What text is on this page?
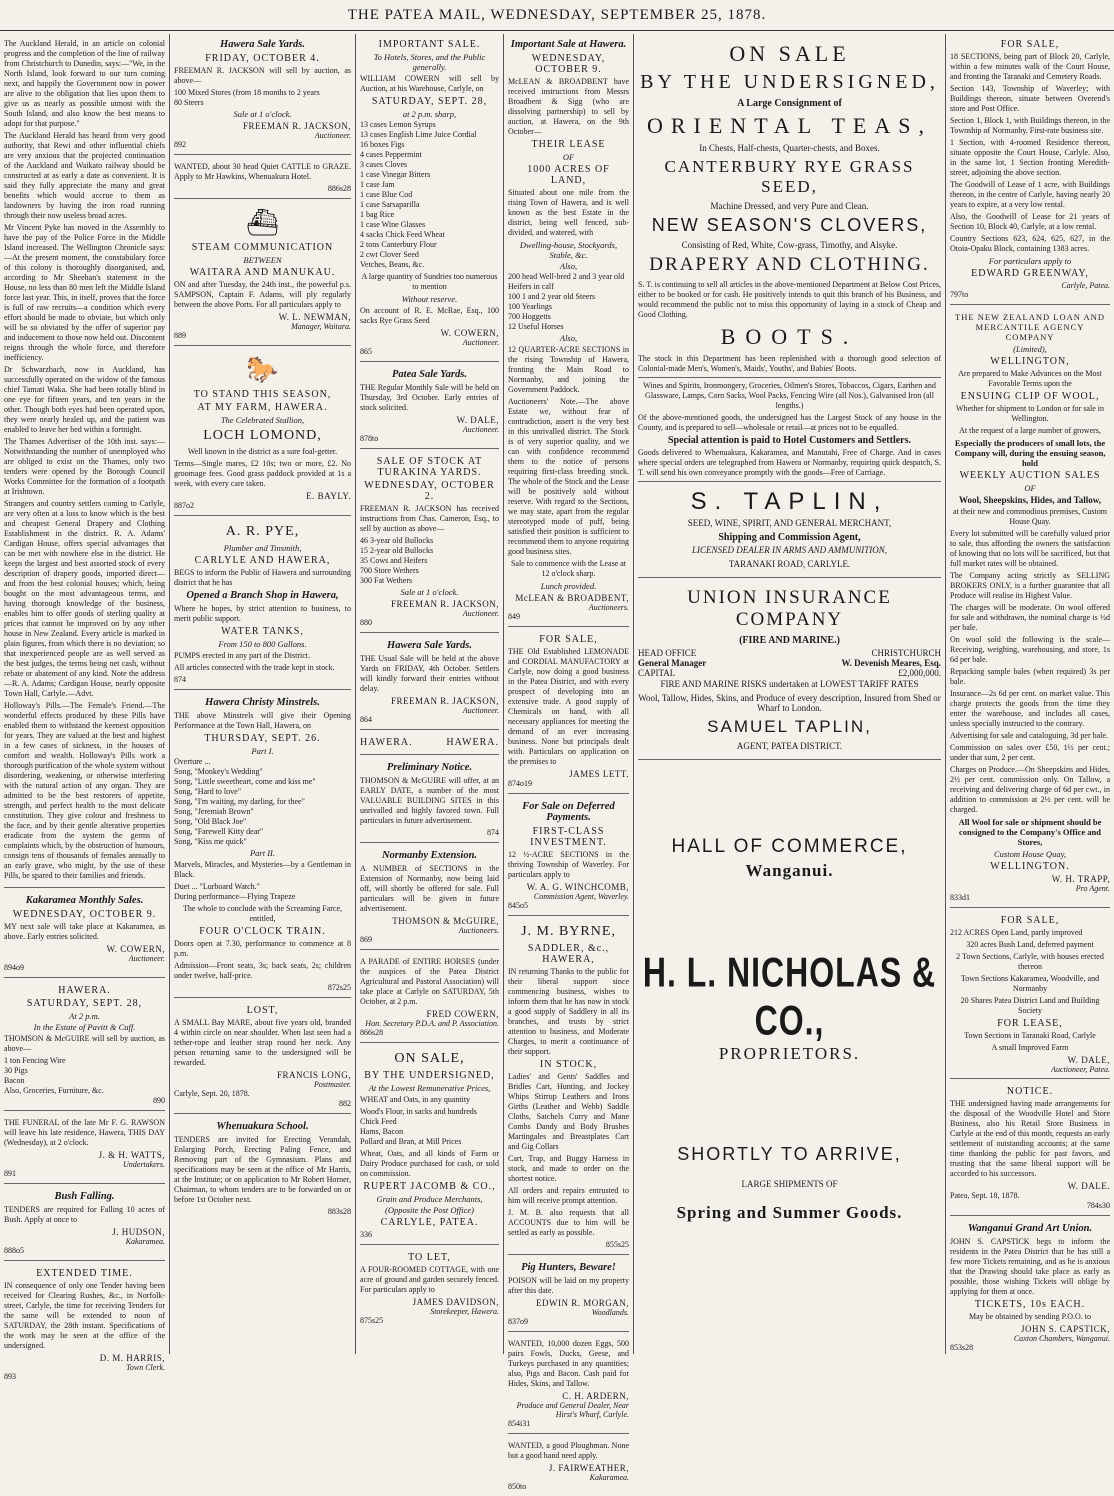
THE PATEA MAIL, WEDNESDAY, SEPTEMBER 25, 1878.

The Auckland Herald, in an article on colonial progress and the completion of the line of railway from Christchurch to Dunedin, says:—"We, in the North Island, look forward to our turn coming next, and happily the Government now in power are alive to the obligation that lies upon them to give us as nearly as possible utmost with the South Island, and also know the best means to adopt for that purpose."

The Auckland Herald has heard from very good authority, that Rewi and other influential chiefs are very anxious that the projected continuation of the Auckland and Waikato railway should be constructed at as early a date as convenient. It is said they fully appreciate the many and great benefits which would accrue to them as landowners by having the iron road running through their now useless broad acres.

Mr Vincent Pyke has moved in the Assembly to have the pay of the Police Force in the Middle Island increased. The Wellington Chronicle says:—At the present moment, the constabulary force of this colony is thoroughly disorganised, and, according to Mr Sheehan's statement in the House, no less than 80 men left the Middle Island force last year. This, in itself, proves that the force is full of raw recruits—a condition which every effort should be made to obviate, but which only will be so obviated by the offer of superior pay and inducement to those now held out. Discontent reigns through the whole force, and therefore inefficiency.

Dr Schwarzbach, now in Auckland, has successfully operated on the widow of the famous chief Tamati Waka. She had been totally blind in one eye for fifteen years, and ten years in the other. Though both eyes had been operated upon, they were nearly healed up, and the patient was enabled to leave her bed within a fortnight.

The Thames Advertiser of the 10th inst. says:—Notwithstanding the number of unemployed who are obliged to exist on the Thames, only two tenders were opened by the Borough Council Works Committee for the formation of a footpath at Irishtown.

Strangers and country settlers coming to Carlyle, are very often at a loss to know which is the best and cheapest General Drapery and Clothing Establishment in the district. R. A. Adams' Cardigan House, offers special advantages that can be met with nowhere else in the district. He keeps the largest and best assorted stock of every description of drapery goods, imported direct—and from the best colonial houses; which, being bought on the most advantageous terms, and having thorough knowledge of the business, enables him to offer goods of sterling quality at prices that cannot be improved on by any other house in New Zealand. Every article is marked in plain figures, from which there is no deviation; so that inexperienced people are as well served as the best judges, the terms being net cash, without rebate or abatement of any kind. Note the address—R. A. Adams; Cardigan House, nearly opposite Town Hall, Carlyle.—Advt.

Holloway's Pills.—The Female's Friend.—The wonderful effects produced by these Pills have enabled them to withstand the keenest opposition for years. They are valued at the best and highest in a few cases of sickness, in the houses of comfort and wealth. Holloway's Pills work a thorough purification of the whole system without disordering, weakening, or otherwise interfering with the natural action of any organ. They are admitted to be the best restorers of appetite, strength, and perfect health to the most delicate constitution. They give colour and freshness to the face, and by their gentle alterative properties eradicate from the system the germs of complaints which, by the obstruction of humours, consign tens of thousands of females annually to an early grave, who might, by the use of these Pills, be spared to their families and friends.

Kakaramea Monthly Sales.
WEDNESDAY, OCTOBER 9.

MY next sale will take place at Kakaramea, as above. Early entries solicited.

W. COWERN,
Auctioneer.
894o9
HAWERA.
SATURDAY, SEPT. 28,
At 2 p.m.
In the Estate of Pavitt & Cuff.

THOMSON & McGUIRE will sell by auction, as above—

1 ton Fencing Wire
30 Pigs
Bacon
Also, Groceries, Furniture, &c.
890

THE FUNERAL of the late Mr F. G. RAWSON will leave his late residence, Hawera, THIS DAY (Wednesday), at 2 o'clock.

J. & H. WATTS,
Undertakers.
891
Bush Falling.

TENDERS are required for Falling 10 acres of Bush. Apply at once to

J. HUDSON,
Kakaramea.
888o5
EXTENDED TIME.

IN consequence of only one Tender having been received for Clearing Rushes, &c., in Norfolk-street, Carlyle, the time for receiving Tenders for the same will be extended to noon of SATURDAY, the 28th instant. Specifications of the work may be seen at the office of the undersigned.

D. M. HARRIS,
Town Clerk.
893
Hawera Sale Yards.
FRIDAY, OCTOBER 4.

FREEMAN R. JACKSON will sell by auction, as above—

100 Mixed Stores (from 18 months to 2 years
80 Steers
Sale at 1 o'clock.
FREEMAN R. JACKSON,
Auctioneer.
892

WANTED, about 30 head Quiet CATTLE to GRAZE. Apply to Mr Hawkins, Whenuakura Hotel.

886s28
⛴
STEAM COMMUNICATION
BETWEEN
WAITARA AND MANUKAU.

ON and after Tuesday, the 24th inst., the powerful p.s. SAMPSON, Captain F. Adams, will ply regularly between the above Ports. For all particulars apply to

W. L. NEWMAN,
Manager, Waitara.
889
🐎
TO STAND THIS SEASON,
AT MY FARM, HAWERA.
The Celebrated Stallion,
LOCH LOMOND,

Well known in the district as a sure foal-getter.

Terms—Single mares, £2 10s; two or more, £2. No groomage fees. Good grass paddock provided at 1s a week, with every care taken.

E. BAYLY.
887o2
A. R. PYE,
Plumber and Tinsmith,
CARLYLE AND HAWERA,

BEGS to inform the Public of Hawera and surrounding district that he has

Opened a Branch Shop in Hawera,

Where he hopes, by strict attention to business, to merit public support.

WATER TANKS,
From 150 to 800 Gallons.

PUMPS erected in any part of the District.

All articles connected with the trade kept in stock.

874
Hawera Christy Minstrels.

THE above Minstrels will give their Opening Performance at the Town Hall, Hawera, on

THURSDAY, SEPT. 26.
Part I.
Overture ...
Song, "Monkey's Wedding"
Song, "Little sweetheart, come and kiss me"
Song, "Hard to love"
Song, "I'm waiting, my darling, for thee"
Song, "Jeremiah Brown"
Song, "Old Black Joe"
Song, "Farewell Kitty dear"
Song, "Kiss me quick"
Part II.

Marvels, Miracles, and Mysteries—by a Gentleman in Black.

Duet ... "Lurboard Watch."
During performance—Flying Trapeze

The whole to conclude with the Screaming Farce, entitled,

FOUR O'CLOCK TRAIN.

Doors open at 7.30, performance to commence at 8 p.m.

Admission—Front seats, 3s; back seats, 2s; children under twelve, half-price.

872s25
LOST,

A SMALL Bay MARE, about five years old, branded 4 within circle on near shoulder. When last seen had a tether-rope and leather strap round her neck. Any person returning same to the undersigned will be rewarded.

FRANCIS LONG,
Postmaster.
Carlyle, Sept. 20, 1878.
882
Whenuakura School.

TENDERS are invited for Erecting Verandah, Enlarging Porch, Erecting Paling Fence, and Removing part of the Gymnasium. Plans and specifications may be seen at the office of Mr Harris, at the Institute; or on application to Mr Robert Horner, Chairman, to whom tenders are to be forwarded on or before 1st October next.

883s28
IMPORTANT SALE.
To Hotels, Stores, and the Public generally.

WILLIAM COWERN will sell by Auction, at his Warehouse, Carlyle, on

SATURDAY, SEPT. 28,
at 2 p.m. sharp,
13 cases Lemon Syrups
13 cases English Lime Juice Cordial
16 boxes Figs
4 cases Peppermint
3 cases Cloves
1 case Vinegar Bitters
1 case Jam
1 case Blue Cod
1 case Sarsaparilla
1 bag Rice
1 case Wine Glasses
4 sacks Chick Feed Wheat
2 tons Canterbury Flour
2 cwt Clover Seed
Vetches, Beans, &c.

A large quantity of Sundries too numerous to mention

Without reserve.

On account of R. E. McRae, Esq., 100 sacks Rye Grass Seed

W. COWERN,
Auctioneer.
865
Patea Sale Yards.

THE Regular Monthly Sale will be held on Thursday, 3rd October. Early entries of stock solicited.

W. DALE,
Auctioneer.
878to
SALE OF STOCK AT TURAKINA YARDS.
WEDNESDAY, OCTOBER 2.

FREEMAN R. JACKSON has received instructions from Chas. Cameron, Esq., to sell by auction as above—

46 3-year old Bullocks
15 2-year old Bullocks
35 Cows and Heifers
700 Store Wethers
300 Fat Wethers
Sale at 1 o'clock.
FREEMAN R. JACKSON,
Auctioneer.
880
Hawera Sale Yards.

THE Usual Sale will be held at the above Yards on FRIDAY, 4th October. Settlers will kindly forward their entries without delay.

FREEMAN R. JACKSON,
Auctioneer.
864
HAWERA.	HAWERA.
Preliminary Notice.

THOMSON & McGUIRE will offer, at an EARLY DATE, a number of the most VALUABLE BUILDING SITES in this unrivalled and highly favored town. Full particulars in future advertisement.

874
Normanby Extension.

A NUMBER of SECTIONS in the Extension of Normanby, now being laid off, will shortly be offered for sale. Full particulars will be given in future advertisement.

THOMSON & McGUIRE,
Auctioneers.
869

A PARADE of ENTIRE HORSES (under the auspices of the Patea District Agricultural and Pastoral Association) will take place at Carlyle on SATURDAY, 5th October, at 2 p.m.

FRED COWERN,
Hon. Secretary P.D.A. and P. Association.
866s28
ON SALE,
BY THE UNDERSIGNED,
At the Lowest Remunerative Prices,

WHEAT and Oats, in any quantity

Wood's Flour, in sacks and hundreds
Chick Feed
Hams, Bacon
Pollard and Bran, at Mill Prices

Wheat, Oats, and all kinds of Farm or Dairy Produce purchased for cash, or sold on commission.

RUPERT JACOMB & CO.,
Grain and Produce Merchants,
(Opposite the Post Office)
CARLYLE, PATEA.
336
TO LET,

A FOUR-ROOMED COTTAGE, with one acre of ground and garden securely fenced. For particulars apply to

JAMES DAVIDSON,
Storekeeper, Hawera.
875s25
Important Sale at Hawera.
WEDNESDAY, OCTOBER 9.

McLEAN & BROADBENT have received instructions from Messrs Broadbent & Sigg (who are dissolving partnership) to sell by auction, at Hawera, on the 9th October—

THEIR LEASE
OF
1000 ACRES OF LAND,

Situated about one mile from the rising Town of Hawera, and is well known as the best Estate in the district, being well fenced, sub-divided, and watered, with

Dwelling-house, Stockyards, Stable, &c.
Also,
200 head Well-bred 2 and 3 year old Heifers in calf
100 1 and 2 year old Steers
100 Yearlings
700 Hoggetts
12 Useful Horses
Also,

12 QUARTER-ACRE SECTIONS in the rising Township of Hawera, fronting the Main Road to Normanby, and joining the Government Paddock.

Auctioneers' Note.—The above Estate we, without fear of contradiction, assert is the very best in this unrivalled district. The Stock is of very superior quality, and we can with confidence recommend them to the notice of persons requiring first-class breeding stock. The whole of the Stock and the Lease will be positively sold without reserve. With regard to the Sections, we may state, apart from the regular stereotyped mode of puff, being satisfied their position is sufficient to recommend them to anyone requiring good business sites.

Sale to commence with the Lease at 12 o'clock sharp.

Lunch provided.
McLEAN & BROADBENT,
Auctioneers.
849
FOR SALE,

THE Old Established LEMONADE and CORDIAL MANUFACTORY at Carlyle, now doing a good business in the Patea District, and with every prospect of developing into an extensive trade. A good supply of Chemicals on hand, with all necessary appliances for meeting the demand of an ever increasing business. None but principals dealt with. Particulars on application on the premises to

JAMES LETT.
874o19
For Sale on Deferred Payments.
FIRST-CLASS INVESTMENT.

12 ½-ACRE SECTIONS in the thriving Township of Waverley. For particulars apply to

W. A. G. WINCHCOMB,
Commission Agent, Waverley.
845o5
J. M. BYRNE,
SADDLER, &c., HAWERA,

IN returning Thanks to the public for their liberal support since commencing business, wishes to inform them that he has now in stock a good supply of Saddlery in all its branches, and trusts by strict attention to business, and Moderate Charges, to merit a continuance of their support.

IN STOCK,

Ladies' and Gents' Saddles and Bridles Cart, Hunting, and Jockey Whips Stirrup Leathers and Irons Girths (Leather and Webb) Saddle Cloths, Satchels Curry and Mane Combs Dandy and Body Brushes Martingales and Breastplates Cart and Gig Collars

Cart, Trap, and Buggy Harness in stock, and made to order on the shortest notice.

All orders and repairs entrusted to him will receive prompt attention.

J. M. B. also requests that all ACCOUNTS due to him will be settled as early as possible.

855s25
Pig Hunters, Beware!

POISON will be laid on my property after this date.

EDWIN R. MORGAN,
Woodlands.
837o9

WANTED, 10,000 dozen Eggs, 500 pairs Fowls, Ducks, Geese, and Turkeys purchased in any quantities; also, Pigs and Bacon. Cash paid for Hides, Skins, and Tallow.

C. H. ARDERN,
Produce and General Dealer, Near Hirst's Wharf, Carlyle.
854i31

WANTED, a good Ploughman. None but a good hand need apply.

J. FAIRWEATHER,
Kakaramea.
850to
ON SALE
BY THE UNDERSIGNED,
A Large Consignment of
ORIENTAL TEAS,
In Chests, Half-chests, Quarter-chests, and Boxes.
CANTERBURY RYE GRASS SEED,
Machine Dressed, and very Pure and Clean.
NEW SEASON'S CLOVERS,
Consisting of Red, White, Cow-grass, Timothy, and Alsyke.
DRAPERY AND CLOTHING.

S. T. is continuing to sell all articles in the above-mentioned Department at Below Cost Prices, either to be booked or for cash. He positively intends to quit this branch of his Business, and would recommend the public not to miss this opportunity of laying in a stock of Cheap and Good Clothing.

BOOTS.

The stock in this Department has been replenished with a thorough good selection of Colonial-made Men's, Women's, Maids', Youths', and Babies' Boots.

Wines and Spirits, Ironmongery, Groceries, Oilmen's Stores, Tobaccos, Cigars, Earthen and Glassware, Lamps, Corn Sacks, Wool Packs, Fencing Wire (all Nos.), Galvanised Iron (all lengths.)

Of the above-mentioned goods, the undersigned has the Largest Stock of any house in the County, and is prepared to sell—wholesale or retail—at prices not to be equalled.

Special attention is paid to Hotel Customers and Settlers.

Goods delivered to Whenuakura, Kakaramea, and Manutahi, Free of Charge. And in cases where special orders are telegraphed from Hawera or Normanby, requiring quick despatch, S. T. will send his own conveyance promptly with the goods—Free of Carriage.

S. TAPLIN,
SEED, WINE, SPIRIT, AND GENERAL MERCHANT,
Shipping and Commission Agent,
LICENSED DEALER IN ARMS AND AMMUNITION,
TARANAKI ROAD, CARLYLE.
UNION INSURANCE COMPANY
(FIRE AND MARINE.)
HEAD OFFICE	CHRISTCHURCH
General Manager	W. Devenish Meares, Esq.
CAPITAL	£2,000,000.
FIRE AND MARINE RISKS undertaken at LOWEST TARIFF RATES
Wool, Tallow, Hides, Skins, and Produce of every description, Insured from Shed or Wharf to London.
SAMUEL TAPLIN,
AGENT, PATEA DISTRICT.
HALL OF COMMERCE,
Wanganui.
H. L. NICHOLAS & CO.,
PROPRIETORS.
SHORTLY TO ARRIVE,
LARGE SHIPMENTS OF
Spring and Summer Goods.
FOR SALE,

18 SECTIONS, being part of Block 20, Carlyle, within a few minutes walk of the Court House, and fronting the Taranaki and Cemetery Roads.

Section 143, Township of Waverley; with Buildings thereon, situate between Overend's store and Post Office.

Section 1, Block 1, with Buildings thereon, in the Township of Normanby. First-rate business site.

1 Section, with 4-roomed Residence thereon, situate opposite the Court House, Carlyle. Also, in the same lot, 1 Section fronting Meredith-street, adjoining the above section.

The Goodwill of Lease of 1 acre, with Buildings thereon, in the centre of Carlyle, having nearly 20 years to expire, at a very low rental.

Also, the Goodwill of Lease for 21 years of Section 10, Block 40, Carlyle, at a low rental.

Country Sections 623, 624, 625, 627, in the Otoia-Opaku Block, containing 1383 acres.

For particulars apply to
EDWARD GREENWAY,
Carlyle, Patea.
797to
THE NEW ZEALAND LOAN AND MERCANTILE AGENCY COMPANY
(Limited),
WELLINGTON,

Are prepared to Make Advances on the Most Favorable Terms upon the

ENSUING CLIP OF WOOL,

Whether for shipment to London or for sale in Wellington.

At the request of a large number of growers,

Especially the producers of small lots, the Company will, during the ensuing season, hold
WEEKLY AUCTION SALES
OF
Wool, Sheepskins, Hides, and Tallow,

at their new and commodious premises, Custom House Quay.

Every lot submitted will be carefully valued prior to sale, thus affording the owners the satisfaction of knowing that no lots will be sacrificed, but that full market rates will be obtained.

The Company acting strictly as SELLING BROKERS ONLY, is a further guarantee that all Produce will realise its Highest Value.

The charges will be moderate. On wool offered for sale and withdrawn, the nominal charge is ½d per bale.

On wool sold the following is the scale—Receiving, weighing, warehousing, and store, 1s 6d per bale.

Repacking sample bales (when required) 3s per bale.

Insurance—2s 6d per cent. on market value. This charge protects the goods from the time they enter the warehouse, and includes all cases, unless specially instructed to the contrary.

Advertising for sale and cataloguing, 3d per bale.

Commission on sales over £50, 1½ per cent.; under that sum, 2 per cent.

Charges on Produce.—On Sheepskins and Hides, 2½ per cent. commission only. On Tallow, a receiving and delivering charge of 6d per cwt., in addition to commission at 2½ per cent. will be charged.

All Wool for sale or shipment should be consigned to the Company's Office and Stores,
Custom House Quay,
WELLINGTON.
W. H. TRAPP,
Pro Agent.
833d1
FOR SALE,

212 ACRES Open Land, partly improved

320 acres Bush Land, deferred payment

2 Town Sections, Carlyle, with houses erected thereon

Town Sections Kakaramea, Woodville, and Normanby

20 Shares Patea District Land and Building Society

FOR LEASE,

Town Sections in Taranaki Road, Carlyle

A small Improved Farm

W. DALE,
Auctioneer, Patea.
NOTICE.

THE undersigned having made arrangements for the disposal of the Woodville Hotel and Store Business, also his Retail Store Business in Carlyle at the end of this month, requests an early settlement of outstanding accounts; at the same time thanking the public for past favors, and trusting that the same liberal support will be accorded to his successors.

W. DALE.
Patea, Sept. 18, 1878.
784s30
Wanganui Grand Art Union.

JOHN S. CAPSTICK begs to inform the residents in the Patea District that he has still a few more Tickets remaining, and as he is anxious that the Drawing should take place as early as possible, those wishing Tickets will oblige by applying for them at once.

TICKETS, 10s EACH.

May be obtained by sending P.O.O. to

JOHN S. CAPSTICK,
Caxton Chambers, Wanganui.
853s28
